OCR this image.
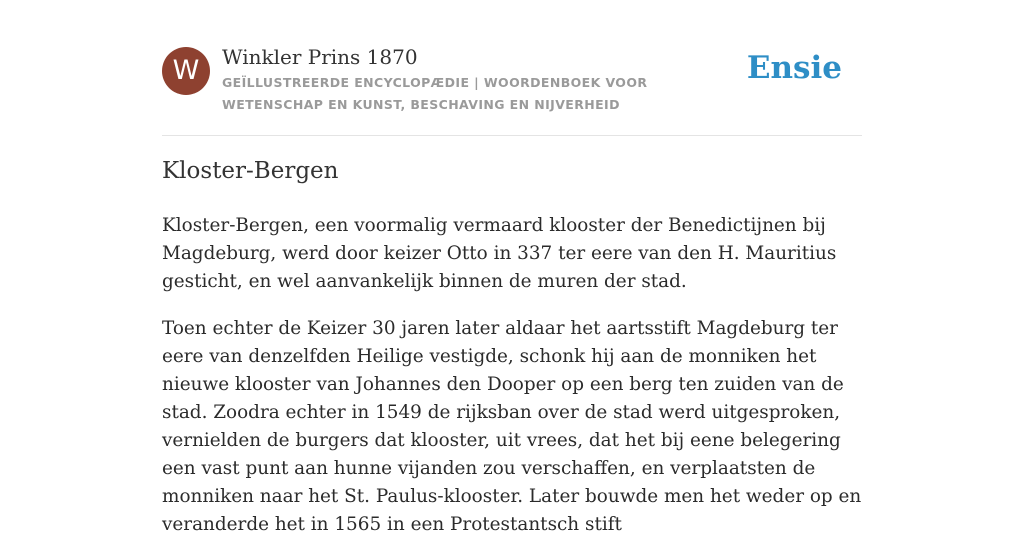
W	Winkler Prins 1870
GEÏLLUSTREERDE ENCYCLOPÆDIE | WOORDENBOEK VOOR WETENSCHAP EN KUNST, BESCHAVING EN NIJVERHEID
Ensie
Kloster-Bergen

Kloster-Bergen, een voormalig vermaard klooster der Benedictijnen bij Magdeburg, werd door keizer Otto in 337 ter eere van den H. Mauritius gesticht, en wel aanvankelijk binnen de muren der stad.

Toen echter de Keizer 30 jaren later aldaar het aartsstift Magdeburg ter eere van denzelfden Heilige vestigde, schonk hij aan de monniken het nieuwe klooster van Johannes den Dooper op een berg ten zuiden van de stad. Zoodra echter in 1549 de rijksban over de stad werd uitgesproken, vernielden de burgers dat klooster, uit vrees, dat het bij eene belegering een vast punt aan hunne vijanden zou verschaffen, en verplaatsten de monniken naar het St. Paulus-klooster. Later bouwde men het weder op en veranderde het in 1565 in een Protestantsch stift
